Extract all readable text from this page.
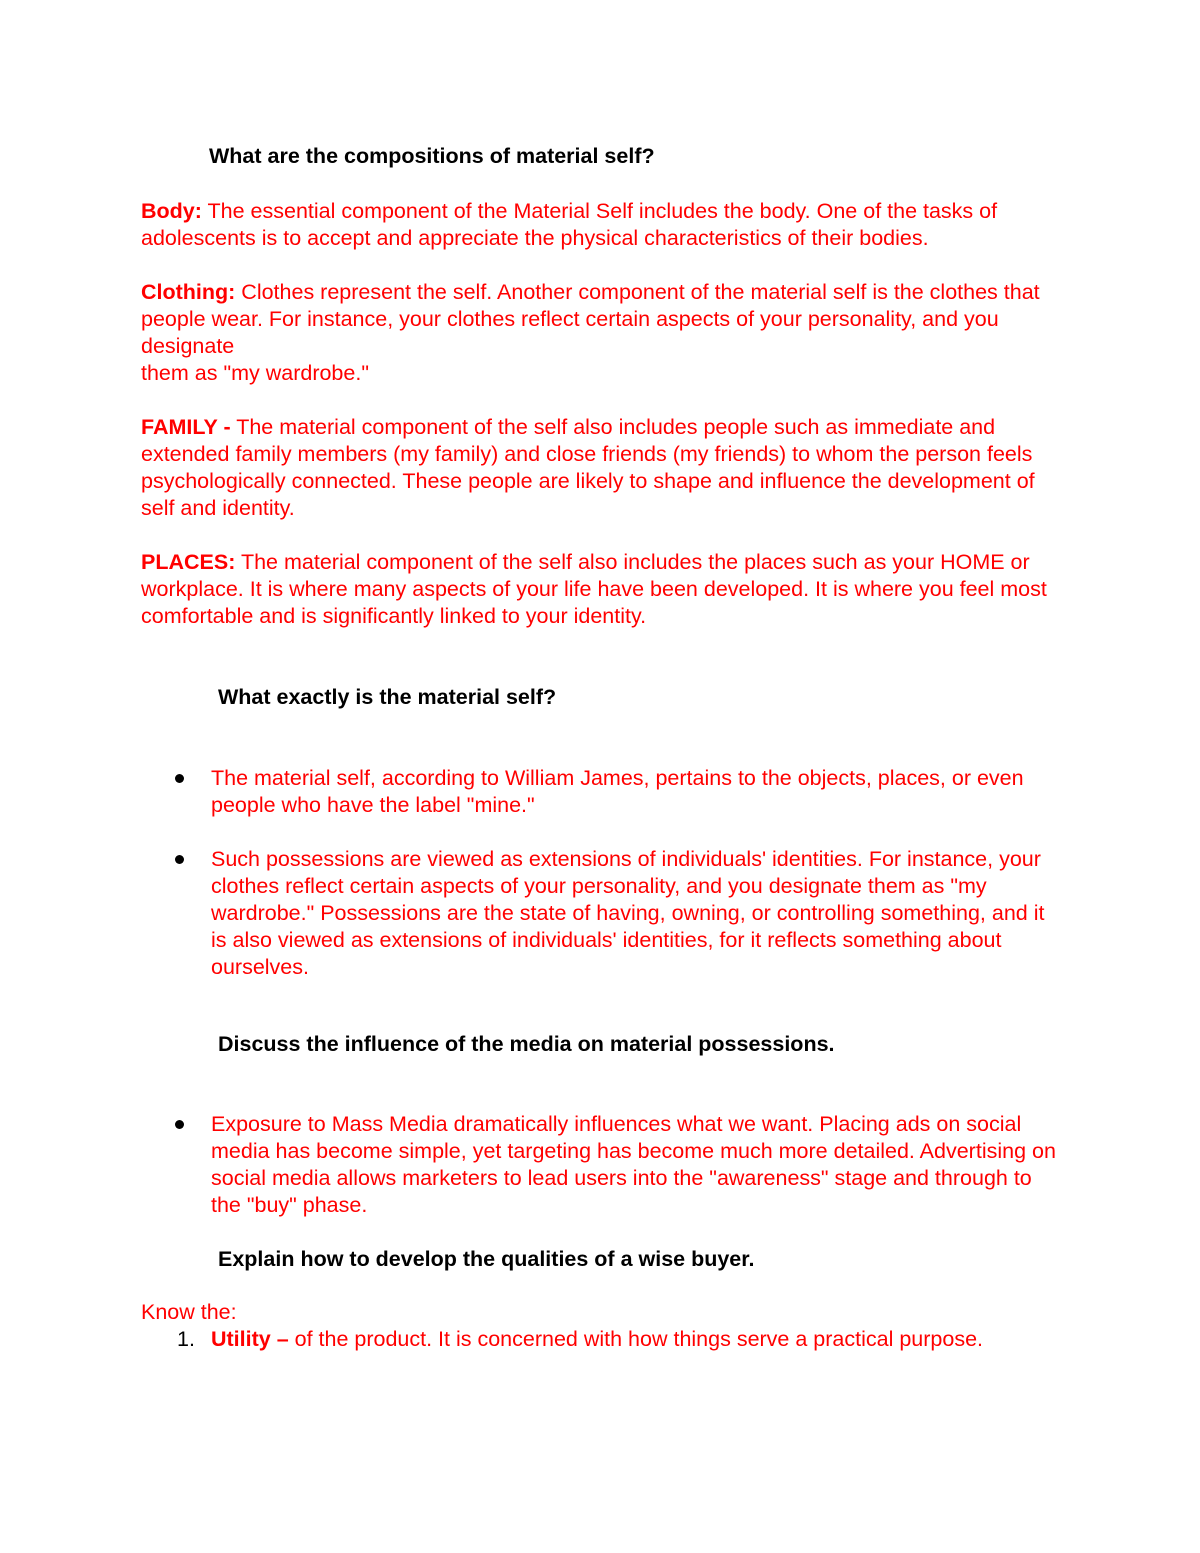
What are the compositions of material self?

Body: The essential component of the Material Self includes the body. One of the tasks of adolescents is to accept and appreciate the physical characteristics of their bodies.

Clothing: Clothes represent the self. Another component of the material self is the clothes that people wear. For instance, your clothes reflect certain aspects of your personality, and you designate
them as "my wardrobe."

FAMILY - The material component of the self also includes people such as immediate and extended family members (my family) and close friends (my friends) to whom the person feels psychologically connected. These people are likely to shape and influence the development of self and identity.

PLACES: The material component of the self also includes the places such as your HOME or workplace. It is where many aspects of your life have been developed. It is where you feel most comfortable and is significantly linked to your identity.

What exactly is the material self?

The material self, according to William James, pertains to the objects, places, or even people who have the label "mine."
Such possessions are viewed as extensions of individuals' identities. For instance, your clothes reflect certain aspects of your personality, and you designate them as "my wardrobe." Possessions are the state of having, owning, or controlling something, and it is also viewed as extensions of individuals' identities, for it reflects something about ourselves.

Discuss the influence of the media on material possessions.

Exposure to Mass Media dramatically influences what we want. Placing ads on social media has become simple, yet targeting has become much more detailed. Advertising on social media allows marketers to lead users into the "awareness" stage and through to the "buy" phase.

Explain how to develop the qualities of a wise buyer.

Know the:

1. Utility – of the product. It is concerned with how things serve a practical purpose.
